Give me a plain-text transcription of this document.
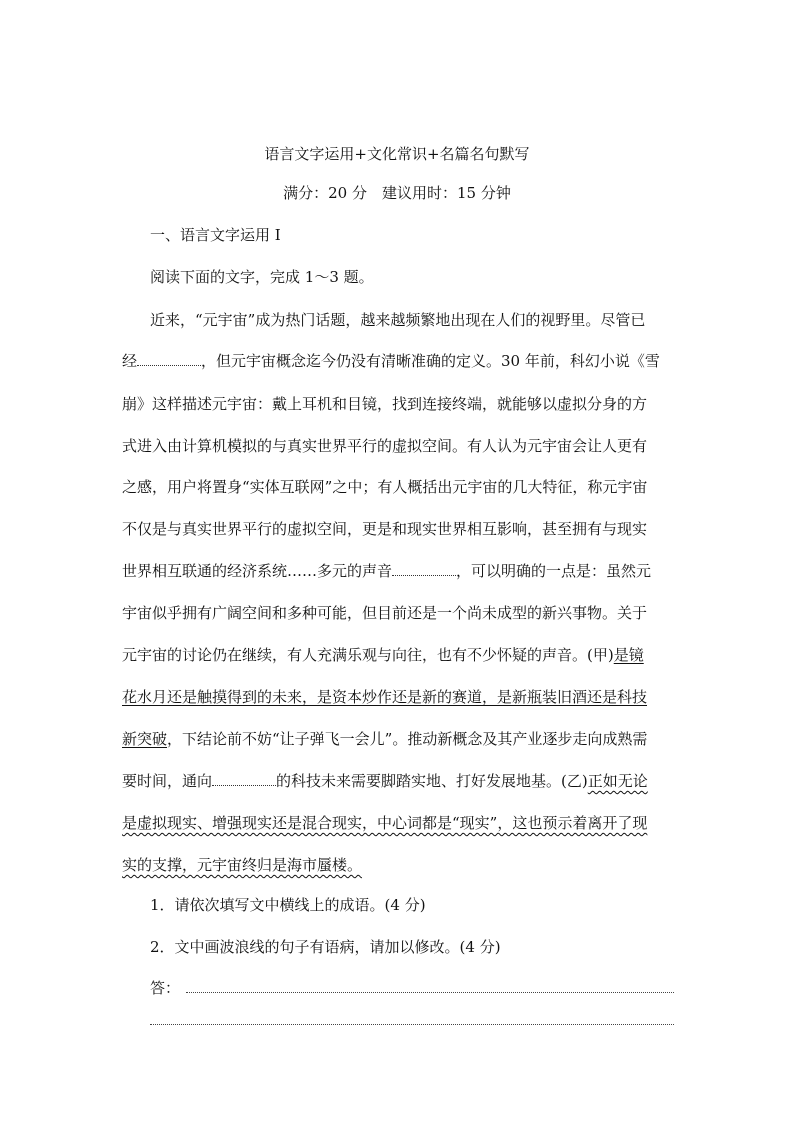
语言文字运用+文化常识+名篇名句默写
满分：20 分　建议用时：15 分钟
一、语言文字运用 Ⅰ
阅读下面的文字，完成 1～3 题。
近来，“元宇宙”成为热门话题，越来越频繁地出现在人们的视野里。尽管已
经	，但元宇宙概念迄今仍没有清晰准确的定义。30 年前，科幻小说《雪
崩》这样描述元宇宙：戴上耳机和目镜，找到连接终端，就能够以虚拟分身的方
式进入由计算机模拟的与真实世界平行的虚拟空间。有人认为元宇宙会让人更有
之感，用户将置身“实体互联网”之中；有人概括出元宇宙的几大特征，称元宇宙
不仅是与真实世界平行的虚拟空间，更是和现实世界相互影响，甚至拥有与现实
世界相互联通的经济系统……多元的声音	，可以明确的一点是：虽然元
宇宙似乎拥有广阔空间和多种可能，但目前还是一个尚未成型的新兴事物。关于
元宇宙的讨论仍在继续，有人充满乐观与向往，也有不少怀疑的声音。(甲)是镜
花水月还是触摸得到的未来，是资本炒作还是新的赛道，是新瓶装旧酒还是科技
新突破，下结论前不妨“让子弹飞一会儿”。推动新概念及其产业逐步走向成熟需
要时间，通向	的科技未来需要脚踏实地、打好发展地基。(乙)正如无论
是虚拟现实、增强现实还是混合现实，中心词都是“现实”，这也预示着离开了现
实的支撑，元宇宙终归是海市蜃楼。
1．请依次填写文中横线上的成语。(4 分)
2．文中画波浪线的句子有语病，请加以修改。(4 分)
答：
